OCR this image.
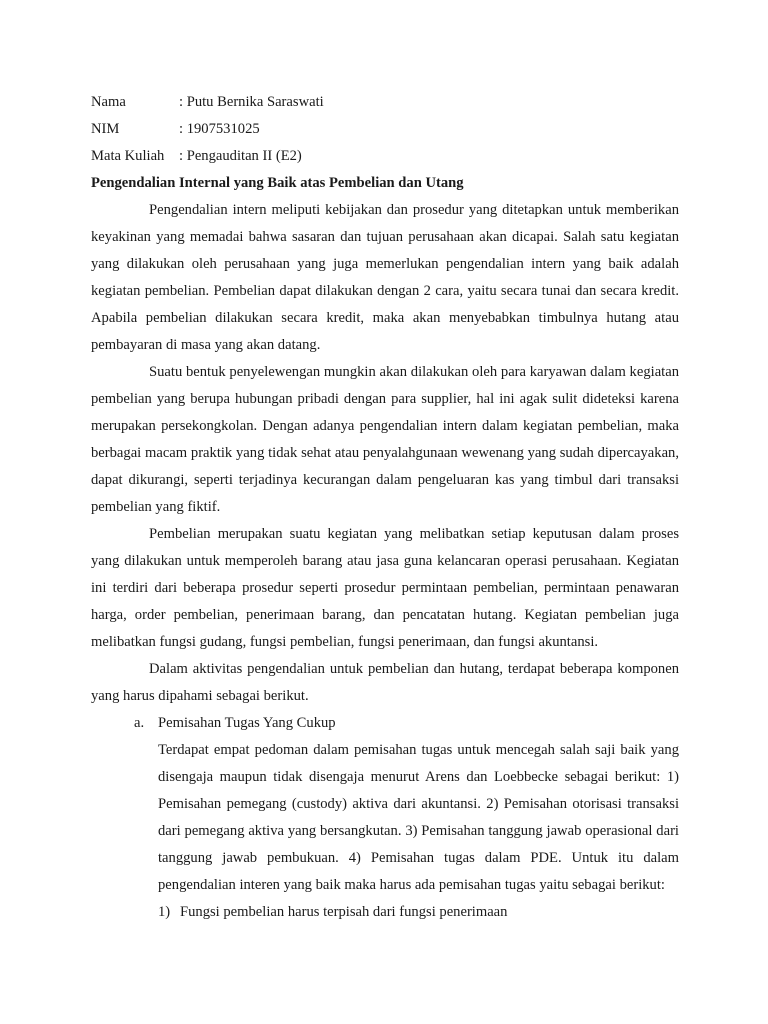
Nama	: Putu Bernika Saraswati
NIM	: 1907531025
Mata Kuliah : Pengauditan II (E2)
Pengendalian Internal yang Baik atas Pembelian dan Utang

Pengendalian intern meliputi kebijakan dan prosedur yang ditetapkan untuk memberikan keyakinan yang memadai bahwa sasaran dan tujuan perusahaan akan dicapai. Salah satu kegiatan yang dilakukan oleh perusahaan yang juga memerlukan pengendalian intern yang baik adalah kegiatan pembelian. Pembelian dapat dilakukan dengan 2 cara, yaitu secara tunai dan secara kredit. Apabila pembelian dilakukan secara kredit, maka akan menyebabkan timbulnya hutang atau pembayaran di masa yang akan datang.

Suatu bentuk penyelewengan mungkin akan dilakukan oleh para karyawan dalam kegiatan pembelian yang berupa hubungan pribadi dengan para supplier, hal ini agak sulit dideteksi karena merupakan persekongkolan. Dengan adanya pengendalian intern dalam kegiatan pembelian, maka berbagai macam praktik yang tidak sehat atau penyalahgunaan wewenang yang sudah dipercayakan, dapat dikurangi, seperti terjadinya kecurangan dalam pengeluaran kas yang timbul dari transaksi pembelian yang fiktif.

Pembelian merupakan suatu kegiatan yang melibatkan setiap keputusan dalam proses yang dilakukan untuk memperoleh barang atau jasa guna kelancaran operasi perusahaan. Kegiatan ini terdiri dari beberapa prosedur seperti prosedur permintaan pembelian, permintaan penawaran harga, order pembelian, penerimaan barang, dan pencatatan hutang. Kegiatan pembelian juga melibatkan fungsi gudang, fungsi pembelian, fungsi penerimaan, dan fungsi akuntansi.

Dalam aktivitas pengendalian untuk pembelian dan hutang, terdapat beberapa komponen yang harus dipahami sebagai berikut.

a. Pemisahan Tugas Yang Cukup
Terdapat empat pedoman dalam pemisahan tugas untuk mencegah salah saji baik yang disengaja maupun tidak disengaja menurut Arens dan Loebbecke sebagai berikut: 1) Pemisahan pemegang (custody) aktiva dari akuntansi. 2) Pemisahan otorisasi transaksi dari pemegang aktiva yang bersangkutan. 3) Pemisahan tanggung jawab operasional dari tanggung jawab pembukuan. 4) Pemisahan tugas dalam PDE. Untuk itu dalam pengendalian interen yang baik maka harus ada pemisahan tugas yaitu sebagai berikut:
1) Fungsi pembelian harus terpisah dari fungsi penerimaan
